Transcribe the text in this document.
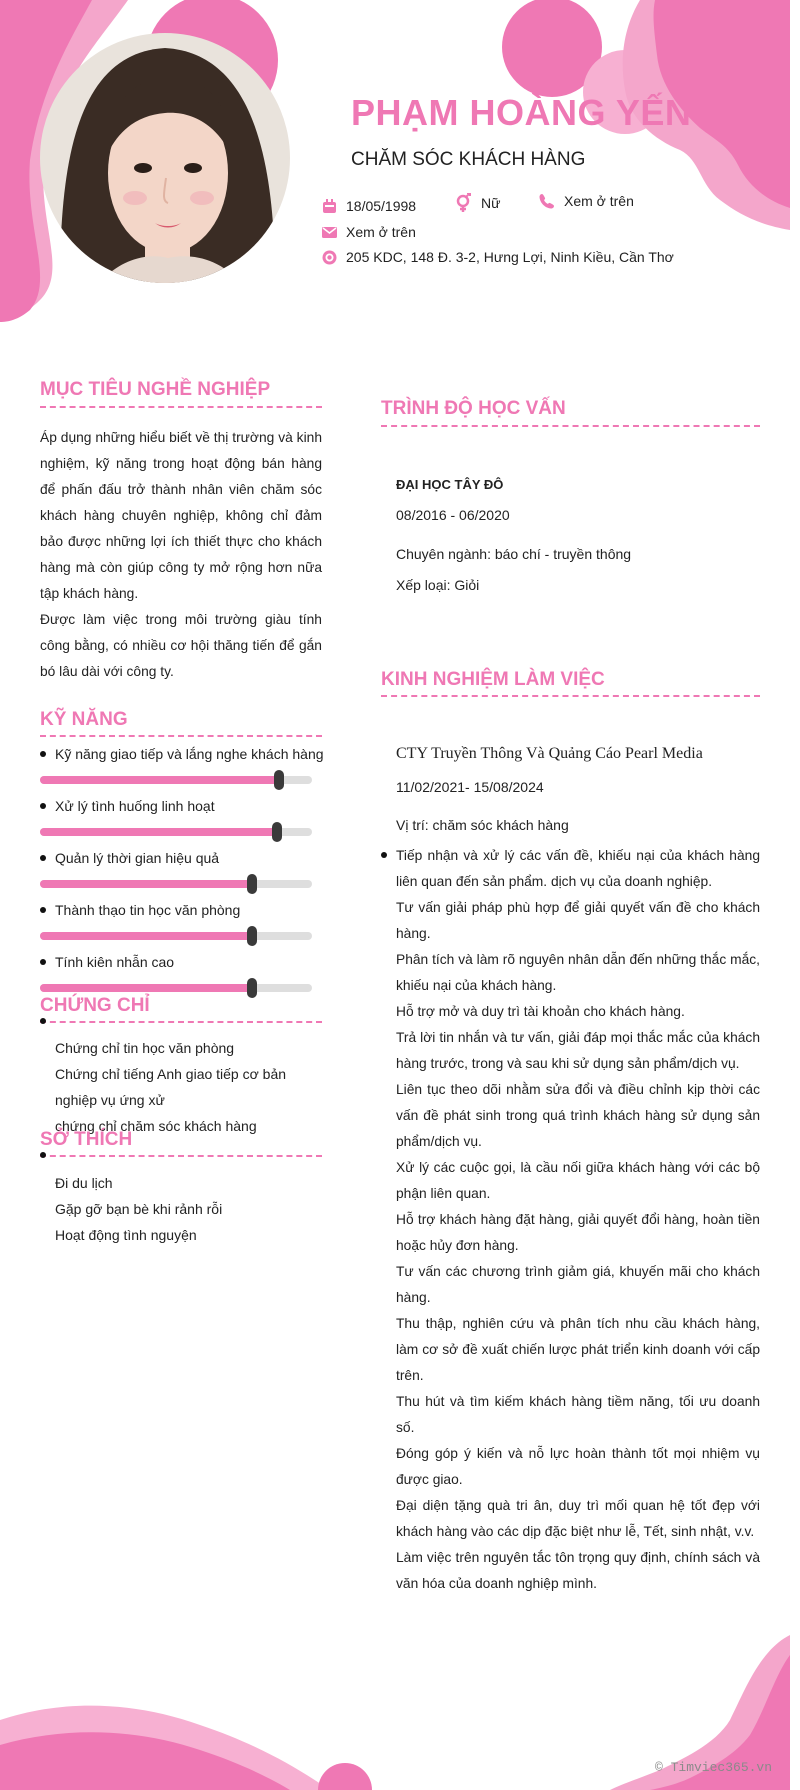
PHẠM HOÀNG YẾN
CHĂM SÓC KHÁCH HÀNG
18/05/1998	Nữ	Xem ở trên
Xem ở trên
205 KDC, 148 Đ. 3-2, Hưng Lợi, Ninh Kiều, Cần Thơ
MỤC TIÊU NGHỀ NGHIỆP

Áp dụng những hiểu biết về thị trường và kinh nghiệm, kỹ năng trong hoạt động bán hàng để phấn đấu trở thành nhân viên chăm sóc khách hàng chuyên nghiệp, không chỉ đảm bảo được những lợi ích thiết thực cho khách hàng mà còn giúp công ty mở rộng hơn nữa tập khách hàng.

Được làm việc trong môi trường giàu tính công bằng, có nhiều cơ hội thăng tiến để gắn bó lâu dài với công ty.

KỸ NĂNG
Kỹ năng giao tiếp và lắng nghe khách hàng
Xử lý tình huống linh hoạt
Quản lý thời gian hiệu quả
Thành thạo tin học văn phòng
Tính kiên nhẫn cao
CHỨNG CHỈ
Chứng chỉ tin học văn phòng
Chứng chỉ tiếng Anh giao tiếp cơ bản nghiệp vụ ứng xử
chứng chỉ chăm sóc khách hàng
SỞ THÍCH
Đi du lịch
Gặp gỡ bạn bè khi rảnh rỗi
Hoạt động tình nguyện
TRÌNH ĐỘ HỌC VẤN
ĐẠI HỌC TÂY ĐÔ
08/2016 - 06/2020
Chuyên ngành: báo chí - truyền thông
Xếp loại: Giỏi
KINH NGHIỆM LÀM VIỆC
CTY Truyền Thông Và Quảng Cáo Pearl Media
11/02/2021- 15/08/2024
Vị trí: chăm sóc khách hàng
Tiếp nhận và xử lý các vấn đề, khiếu nại của khách hàng liên quan đến sản phẩm. dịch vụ của doanh nghiệp.
Tư vấn giải pháp phù hợp để giải quyết vấn đề cho khách hàng.
Phân tích và làm rõ nguyên nhân dẫn đến những thắc mắc, khiếu nại của khách hàng.
Hỗ trợ mở và duy trì tài khoản cho khách hàng.
Trả lời tin nhắn và tư vấn, giải đáp mọi thắc mắc của khách hàng trước, trong và sau khi sử dụng sản phẩm/dịch vụ.
Liên tục theo dõi nhằm sửa đổi và điều chỉnh kịp thời các vấn đề phát sinh trong quá trình khách hàng sử dụng sản phẩm/dịch vụ.
Xử lý các cuộc gọi, là cầu nối giữa khách hàng với các bộ phận liên quan.
Hỗ trợ khách hàng đặt hàng, giải quyết đổi hàng, hoàn tiền hoặc hủy đơn hàng.
Tư vấn các chương trình giảm giá, khuyến mãi cho khách hàng.
Thu thập, nghiên cứu và phân tích nhu cầu khách hàng, làm cơ sở đề xuất chiến lược phát triển kinh doanh với cấp trên.
Thu hút và tìm kiếm khách hàng tiềm năng, tối ưu doanh số.
Đóng góp ý kiến và nỗ lực hoàn thành tốt mọi nhiệm vụ được giao.
Đại diện tặng quà tri ân, duy trì mối quan hệ tốt đẹp với khách hàng vào các dịp đặc biệt như lễ, Tết, sinh nhật, v.v.
Làm việc trên nguyên tắc tôn trọng quy định, chính sách và văn hóa của doanh nghiệp mình.
© Timviec365.vn
